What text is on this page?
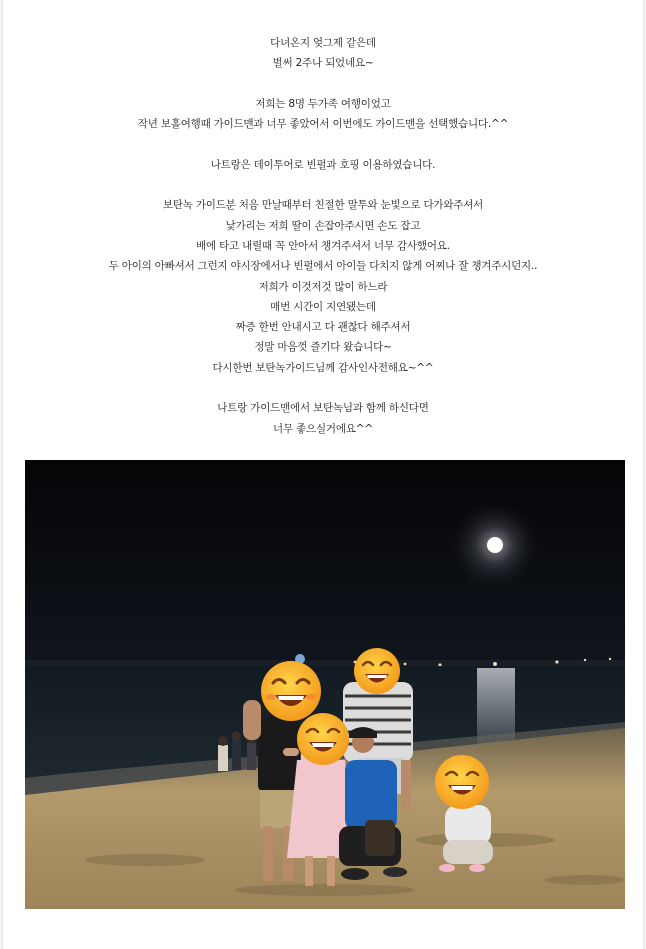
다녀온지 엊그제 같은데
벌써 2주나 되었네요~
저희는 8명 두가족 여행이었고
작년 보홀여행때 가이드맨과 너무 좋았어서 이번에도 가이드맨을 선택했습니다.^^
나트랑은 데이투어로 빈펄과 호핑 이용하였습니다.
보탄녹 가이드분 처음 만날때부터 친절한 말투와 눈빛으로 다가와주셔서
낯가리는 저희 딸이 손잡아주시면 손도 잡고
배에 타고 내릴때 꼭 안아서 챙겨주셔서 너무 감사했어요.
두 아이의 아빠셔서 그런지 야시장에서나 빈펄에서 아이들 다치지 않게 어찌나 잘 챙겨주시던지..
저희가 이것저것 많이 하느라
매번 시간이 지연됐는데
짜증 한번 안내시고 다 괜찮다 해주셔서
정말 마음껏 즐기다 왔습니다~
다시한번 보탄녹가이드님께 감사인사전해요~^^
나트랑 가이드맨에서 보탄녹님과 함께 하신다면
너무 좋으실거에요^^
